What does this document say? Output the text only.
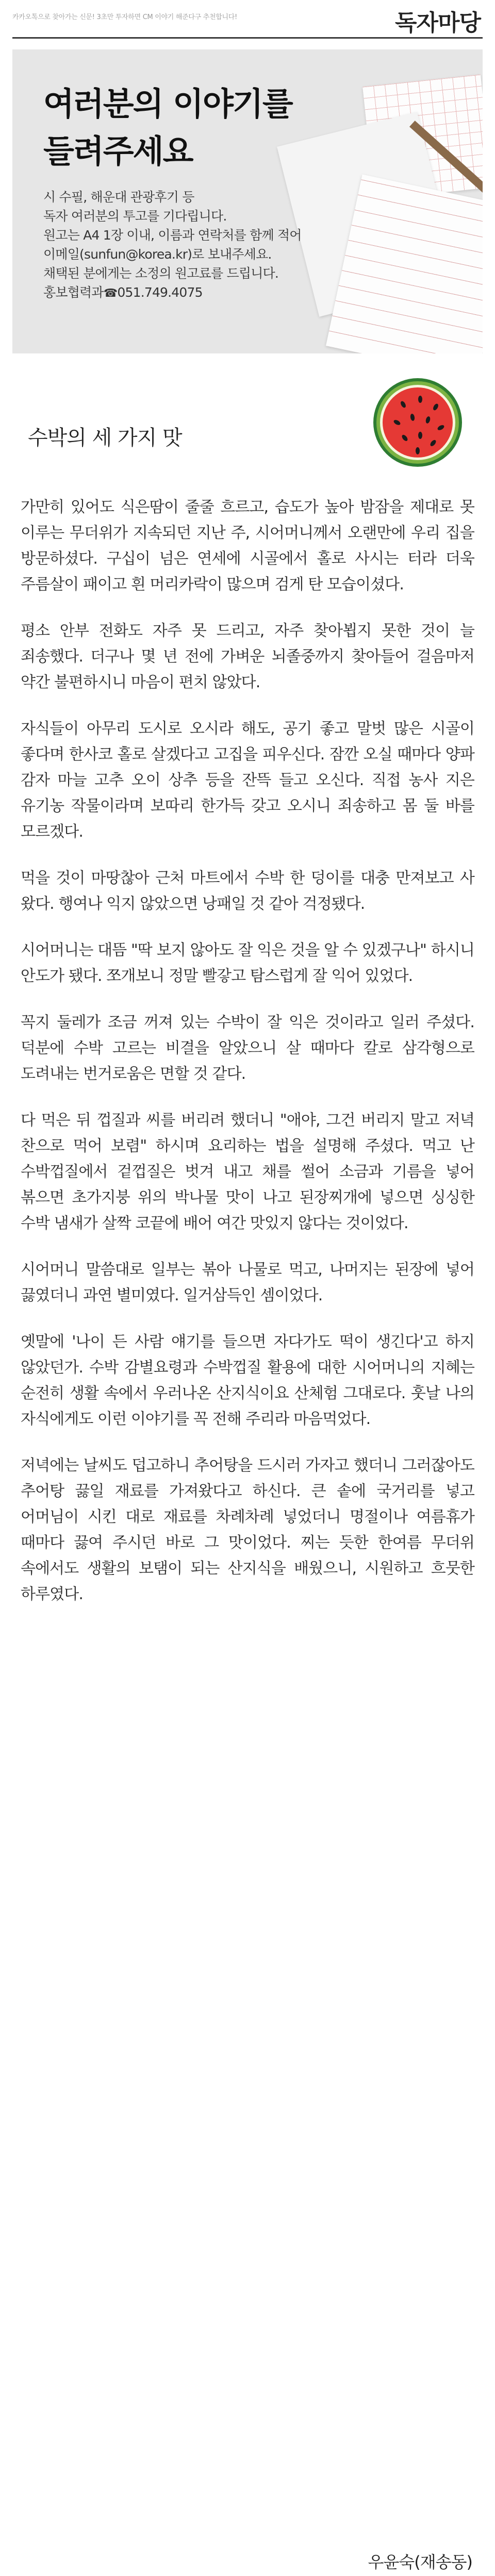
카카오톡으로 찾아가는 신문! 3초만 투자하면 CM 이야기 해준다구 추천합니다!	독자마당
여러분의 이야기를
들려주세요

시 수필, 해운대 관광후기 등

독자 여러분의 투고를 기다립니다.

원고는 A4 1장 이내, 이름과 연락처를 함께 적어

이메일(sunfun@korea.kr)로 보내주세요.

채택된 분에게는 소정의 원고료를 드립니다.

홍보협력과☎051.749.4075

수박의 세 가지 맛

가만히 있어도 식은땀이 줄줄 흐르고, 습도가 높아 밤잠을 제대로 못 이루는 무더위가 지속되던 지난 주, 시어머니께서 오랜만에 우리 집을 방문하셨다. 구십이 넘은 연세에 시골에서 홀로 사시는 터라 더욱 주름살이 패이고 흰 머리카락이 많으며 검게 탄 모습이셨다.

평소 안부 전화도 자주 못 드리고, 자주 찾아뵙지 못한 것이 늘 죄송했다. 더구나 몇 년 전에 가벼운 뇌졸중까지 찾아들어 걸음마저 약간 불편하시니 마음이 편치 않았다.

자식들이 아무리 도시로 오시라 해도, 공기 좋고 말벗 많은 시골이 좋다며 한사코 홀로 살겠다고 고집을 피우신다. 잠깐 오실 때마다 양파 감자 마늘 고추 오이 상추 등을 잔뜩 들고 오신다. 직접 농사 지은 유기농 작물이라며 보따리 한가득 갖고 오시니 죄송하고 몸 둘 바를 모르겠다.

먹을 것이 마땅찮아 근처 마트에서 수박 한 덩이를 대충 만져보고 사 왔다. 행여나 익지 않았으면 낭패일 것 같아 걱정됐다.

시어머니는 대뜸 "딱 보지 않아도 잘 익은 것을 알 수 있겠구나" 하시니 안도가 됐다. 쪼개보니 정말 빨갛고 탐스럽게 잘 익어 있었다.

꼭지 둘레가 조금 꺼져 있는 수박이 잘 익은 것이라고 일러 주셨다. 덕분에 수박 고르는 비결을 알았으니 살 때마다 칼로 삼각형으로 도려내는 번거로움은 면할 것 같다.

다 먹은 뒤 껍질과 씨를 버리려 했더니 "애야, 그건 버리지 말고 저녁 찬으로 먹어 보렴" 하시며 요리하는 법을 설명해 주셨다. 먹고 난 수박껍질에서 겉껍질은 벗겨 내고 채를 썰어 소금과 기름을 넣어 볶으면 초가지붕 위의 박나물 맛이 나고 된장찌개에 넣으면 싱싱한 수박 냄새가 살짝 코끝에 배어 여간 맛있지 않다는 것이었다.

시어머니 말씀대로 일부는 볶아 나물로 먹고, 나머지는 된장에 넣어 끓였더니 과연 별미였다. 일거삼득인 셈이었다.

옛말에 '나이 든 사람 얘기를 들으면 자다가도 떡이 생긴다'고 하지 않았던가. 수박 감별요령과 수박껍질 활용에 대한 시어머니의 지혜는 순전히 생활 속에서 우러나온 산지식이요 산체험 그대로다. 훗날 나의 자식에게도 이런 이야기를 꼭 전해 주리라 마음먹었다.

저녁에는 날씨도 덥고하니 추어탕을 드시러 가자고 했더니 그러잖아도 추어탕 끓일 재료를 가져왔다고 하신다. 큰 솥에 국거리를 넣고 어머님이 시킨 대로 재료를 차례차례 넣었더니 명절이나 여름휴가 때마다 끓여 주시던 바로 그 맛이었다. 찌는 듯한 한여름 무더위 속에서도 생활의 보탬이 되는 산지식을 배웠으니, 시원하고 흐뭇한 하루였다.

우윤숙(재송동)
